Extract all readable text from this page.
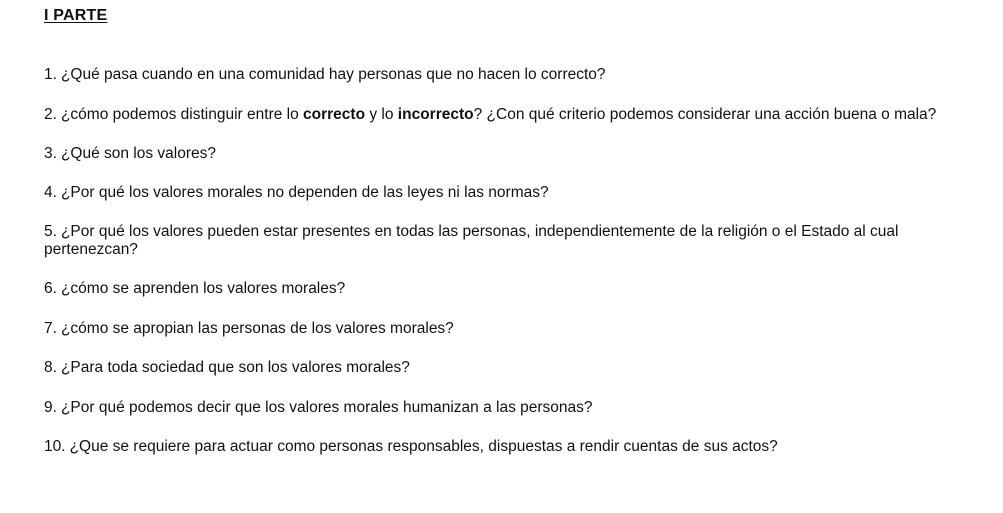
I PARTE
1. ¿Qué pasa cuando en una comunidad hay personas que no hacen lo correcto?
2. ¿cómo podemos distinguir entre lo correcto y lo incorrecto? ¿Con qué criterio podemos considerar una acción buena o mala?
3. ¿Qué son los valores?
4. ¿Por qué los valores morales no dependen de las leyes ni las normas?
5. ¿Por qué los valores pueden estar presentes en todas las personas, independientemente de la religión o el Estado al cual pertenezcan?
6. ¿cómo se aprenden los valores morales?
7. ¿cómo se apropian las personas de los valores morales?
8. ¿Para toda sociedad que son los valores morales?
9. ¿Por qué podemos decir que los valores morales humanizan a las personas?
10. ¿Que se requiere para actuar como personas responsables, dispuestas a rendir cuentas de sus actos?
